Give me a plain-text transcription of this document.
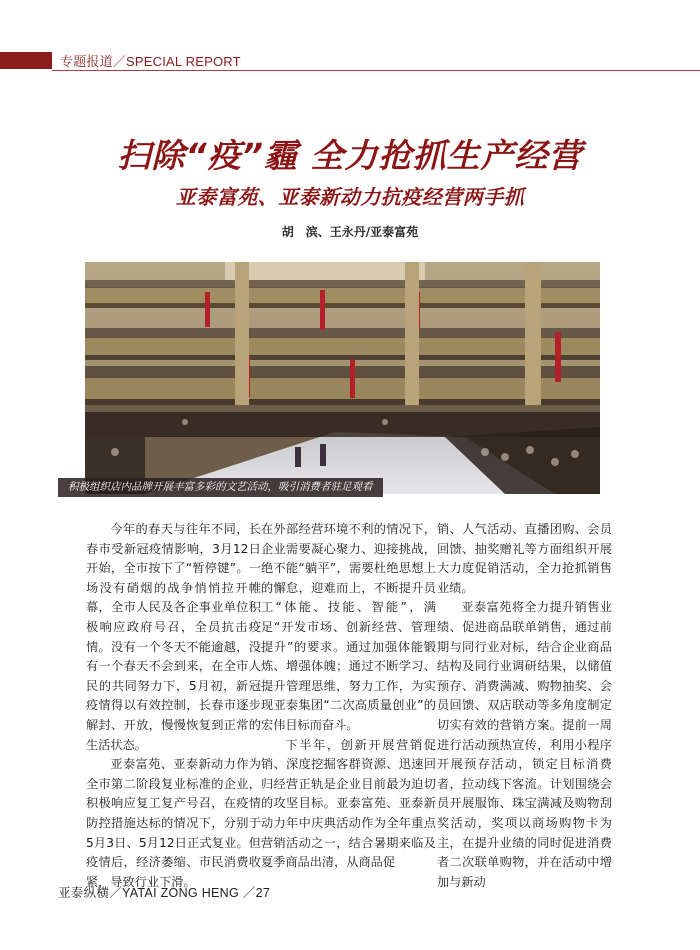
专题报道／SPECIAL REPORT
扫除“疫”霾 全力抢抓生产经营
亚泰富苑、亚泰新动力抗疫经营两手抓
胡　滨、王永丹/亚泰富苑
积极组织店内品牌开展丰富多彩的文艺活动，吸引消费者驻足观看

今年的春天与往年不同，长春市受新冠疫情影响，3月12日开始，全市按下了“暂停键”。一场没有硝烟的战争悄悄拉开帷幕，全市人民及各企事业单位积极响应政府号召，全员抗击疫情。没有一个冬天不能逾越，没有一个春天不会到来，在全市人民的共同努力下，5月初，新冠疫情得以有效控制，长春市逐步解封、开放，慢慢恢复到正常的生活状态。

亚泰富苑、亚泰新动力作为全市第二阶段复业标准的企业，积极响应复工复产号召，在疫情防控措施达标的情况下，分别于5月3日、5月12日正式复业。但疫情后，经济萎缩、市民消费收紧，导致行业下滑。

在外部经营环境不利的情况下，企业需要凝心聚力、迎接挑战，绝不能“躺平”，需要杜绝思想上的懈怠，迎难而上，不断提升员工“体能、技能、智能”，满足“开发市场、创新经营、管理提升”的要求。通过加强体能锻炼、增强体魄；通过不断学习、提升管理思维，努力工作，为实现亚泰集团“二次高质量创业”的宏伟目标而奋斗。

下半年，创新开展营销促销、深度挖掘客群资源、迅速回归经营正轨是企业目前最为迫切的攻坚目标。亚泰富苑、亚泰新动力年中庆典活动作为全年重点营销活动之一，结合暑期来临及夏季商品出清，从商品促

销、人气活动、直播团购、会员回馈、抽奖赠礼等方面组织开展大力度促销活动，全力抢抓销售业绩。

亚泰富苑将全力提升销售业绩、促进商品联单销售，通过前期与同行业对标，结合企业商品结构及同行业调研结果，以储值预存、消费满减、购物抽奖、会员回馈、双店联动等多角度制定切实有效的营销方案。提前一周进行活动预热宣传，利用小程序开展预存活动，锁定目标消费者，拉动线下客流。计划围绕会员开展服饰、珠宝满减及购物刮奖活动，奖项以商场购物卡为主，在提升业绩的同时促进消费者二次联单购物，并在活动中增加与新动

亚泰纵横／YATAI ZONG HENG ／27
